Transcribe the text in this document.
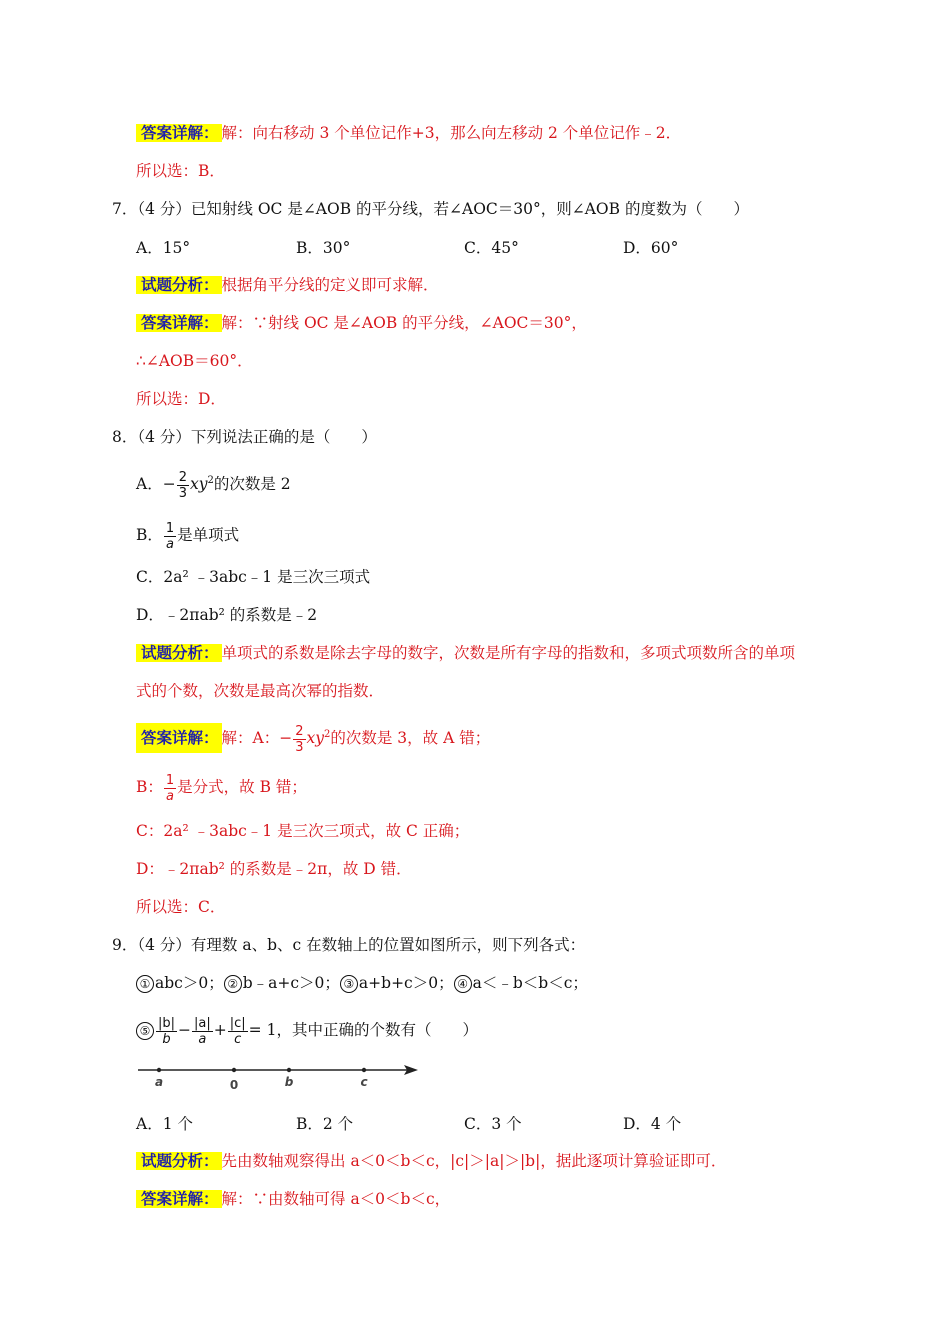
答案详解： 解：向右移动 3 个单位记作+3，那么向左移动 2 个单位记作﹣2．
所以选：B．
7．（4 分）已知射线 OC 是∠AOB 的平分线，若∠AOC＝30°，则∠AOB 的度数为（　　）
A．15°	B．30°	C．45°	D．60°
试题分析： 根据角平分线的定义即可求解．
答案详解： 解：∵射线 OC 是∠AOB 的平分线，∠AOC＝30°，
∴∠AOB＝60°．
所以选：D．
8．（4 分）下列说法正确的是（　　）
A．− $\frac{2}{3} xy^2$的次数是 2
B． $\frac{1}{a}$ 是单项式
C．2a² ﹣3abc﹣1 是三次三项式
D．﹣2πab² 的系数是﹣2
试题分析： 单项式的系数是除去字母的数字，次数是所有字母的指数和，多项式项数所含的单项
式的个数，次数是最高次幂的指数．
答案详解： 解：A：− $\frac{2}{3} xy^2$的次数是 3，故 A 错；
B： $\frac{1}{a}$ 是分式，故 B 错；
C：2a² ﹣3abc﹣1 是三次三项式，故 C 正确；
D：﹣2πab² 的系数是﹣2π，故 D 错．
所以选：C．
9．（4 分）有理数 a、b、c 在数轴上的位置如图所示，则下列各式：
① abc＞0； ② b﹣a+c＞0； ③ a+b+c＞0； ④ a＜﹣b＜b＜c；
⑤ $\frac{|b|}{b} - \frac{|a|}{a} + \frac{|c|}{c} = 1$，其中正确的个数有（　　）
a	0	b	c
A．1 个	B．2 个	C．3 个	D．4 个
试题分析： 先由数轴观察得出 a＜0＜b＜c，|c|＞|a|＞|b|，据此逐项计算验证即可．
答案详解： 解：∵由数轴可得 a＜0＜b＜c，
